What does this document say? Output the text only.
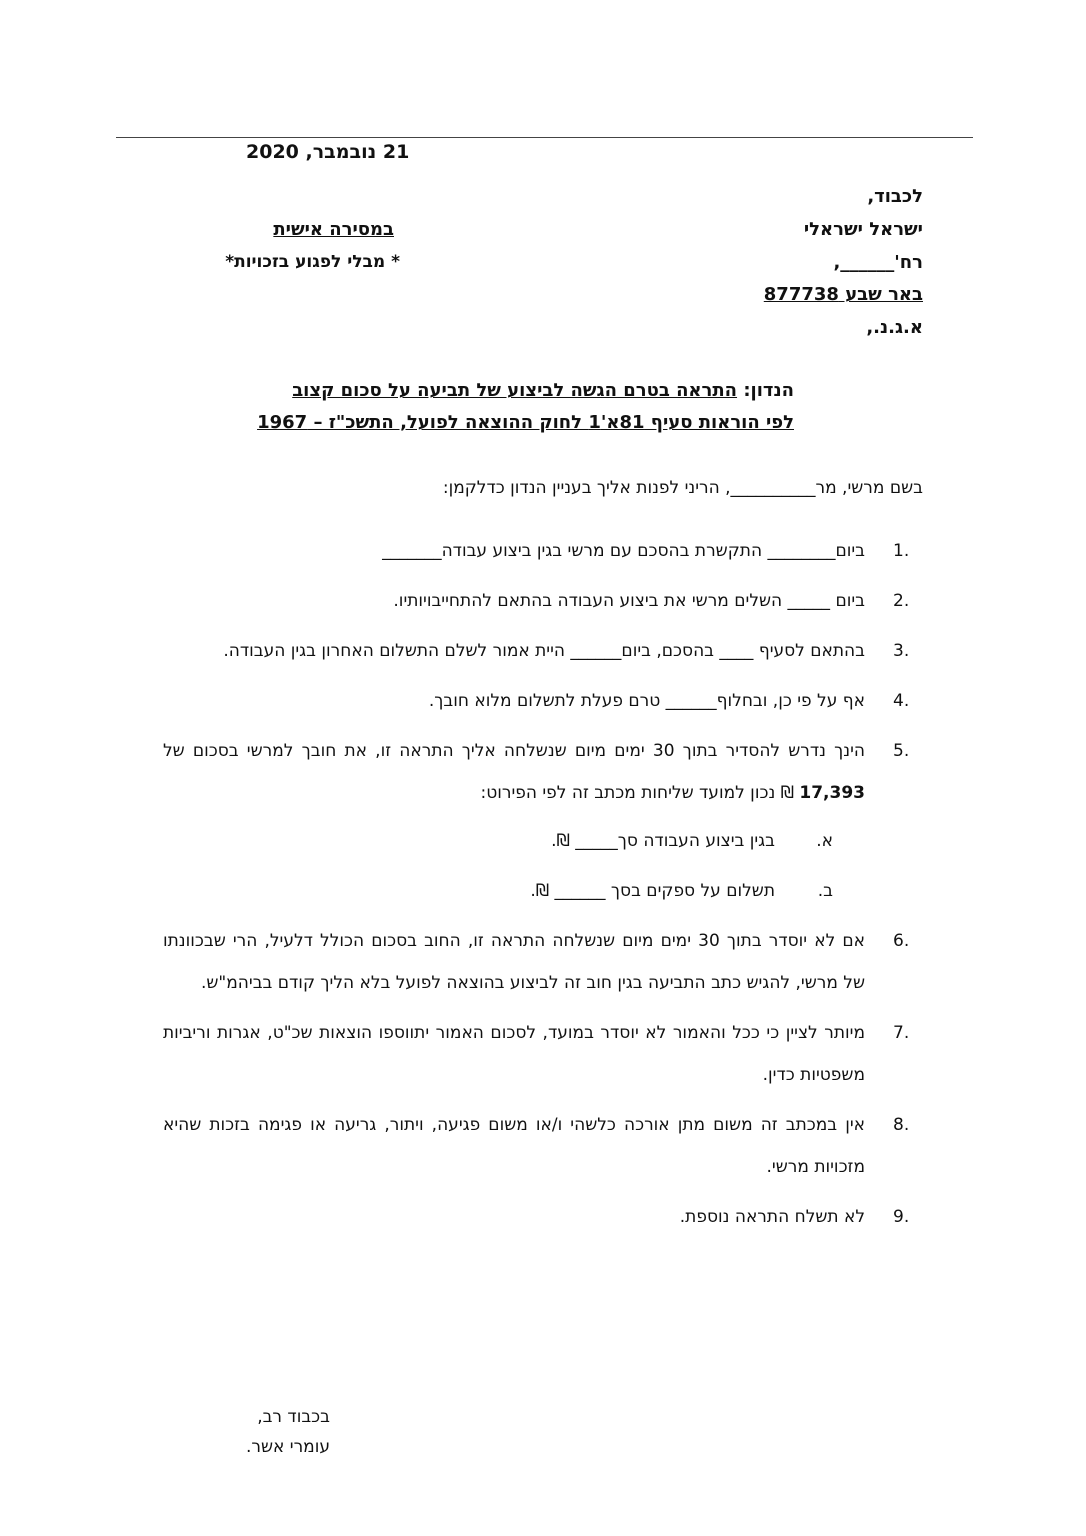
21 נובמבר, 2020
לכבוד,
ישראל ישראלי
רח'______,
באר שבע 877738
א.ג.נ.,
במסירה אישית
* מבלי לפגוע בזכויות*
הנדון: התראה בטרם הגשה לביצוע של תביעה על סכום קצוב
לפי הוראות סעיף 81א'1 לחוק ההוצאה לפועל, התשכ"ז – 1967
בשם מרשי, מר__________, הריני לפנות אליך בעניין הנדון כדלקמן:
1.
ביום________ התקשרת בהסכם עם מרשי בגין ביצוע עבודה_______
2.
ביום _____ השלים מרשי את ביצוע העבודה בהתאם להתחייבויותיו.
3.
בהתאם לסעיף ____ בהסכם, ביום______ היית אמור לשלם התשלום האחרון בגין העבודה.
4.
אף על פי כן, ובחלוף______ טרם פעלת לתשלום מלוא חובך.
5.
הינך נדרש להסדיר בתוך 30 ימים מיום שנשלחה אליך התראה זו, את חובך למרשי בסכום של 17,393 ₪ נכון למועד שליחות מכתב זה לפי הפירוט:
א.
בגין ביצוע העבודה סך_____ ₪.
ב.
תשלום על ספקים בסך ______ ₪.
6.
אם לא יוסדר בתוך 30 ימים מיום שנשלחה התראה זו, החוב בסכום הכולל דלעיל, הרי שבכוונתו של מרשי, להגיש כתב התביעה בגין חוב זה לביצוע בהוצאה לפועל בלא הליך קודם בביהמ"ש.
7.
מיותר לציין כי ככל והאמור לא יוסדר במועד, לסכום האמור יתווספו הוצאות שכ"ט, אגרות וריביות משפטיות כדין.
8.
אין במכתב זה משום מתן אורכה כלשהי ו/או משום פגיעה, ויתור, גריעה או פגימה בזכות שהיא מזכויות מרשי.
9.
לא תשלח התראה נוספת.
בכבוד רב,
עומרי אשר.
